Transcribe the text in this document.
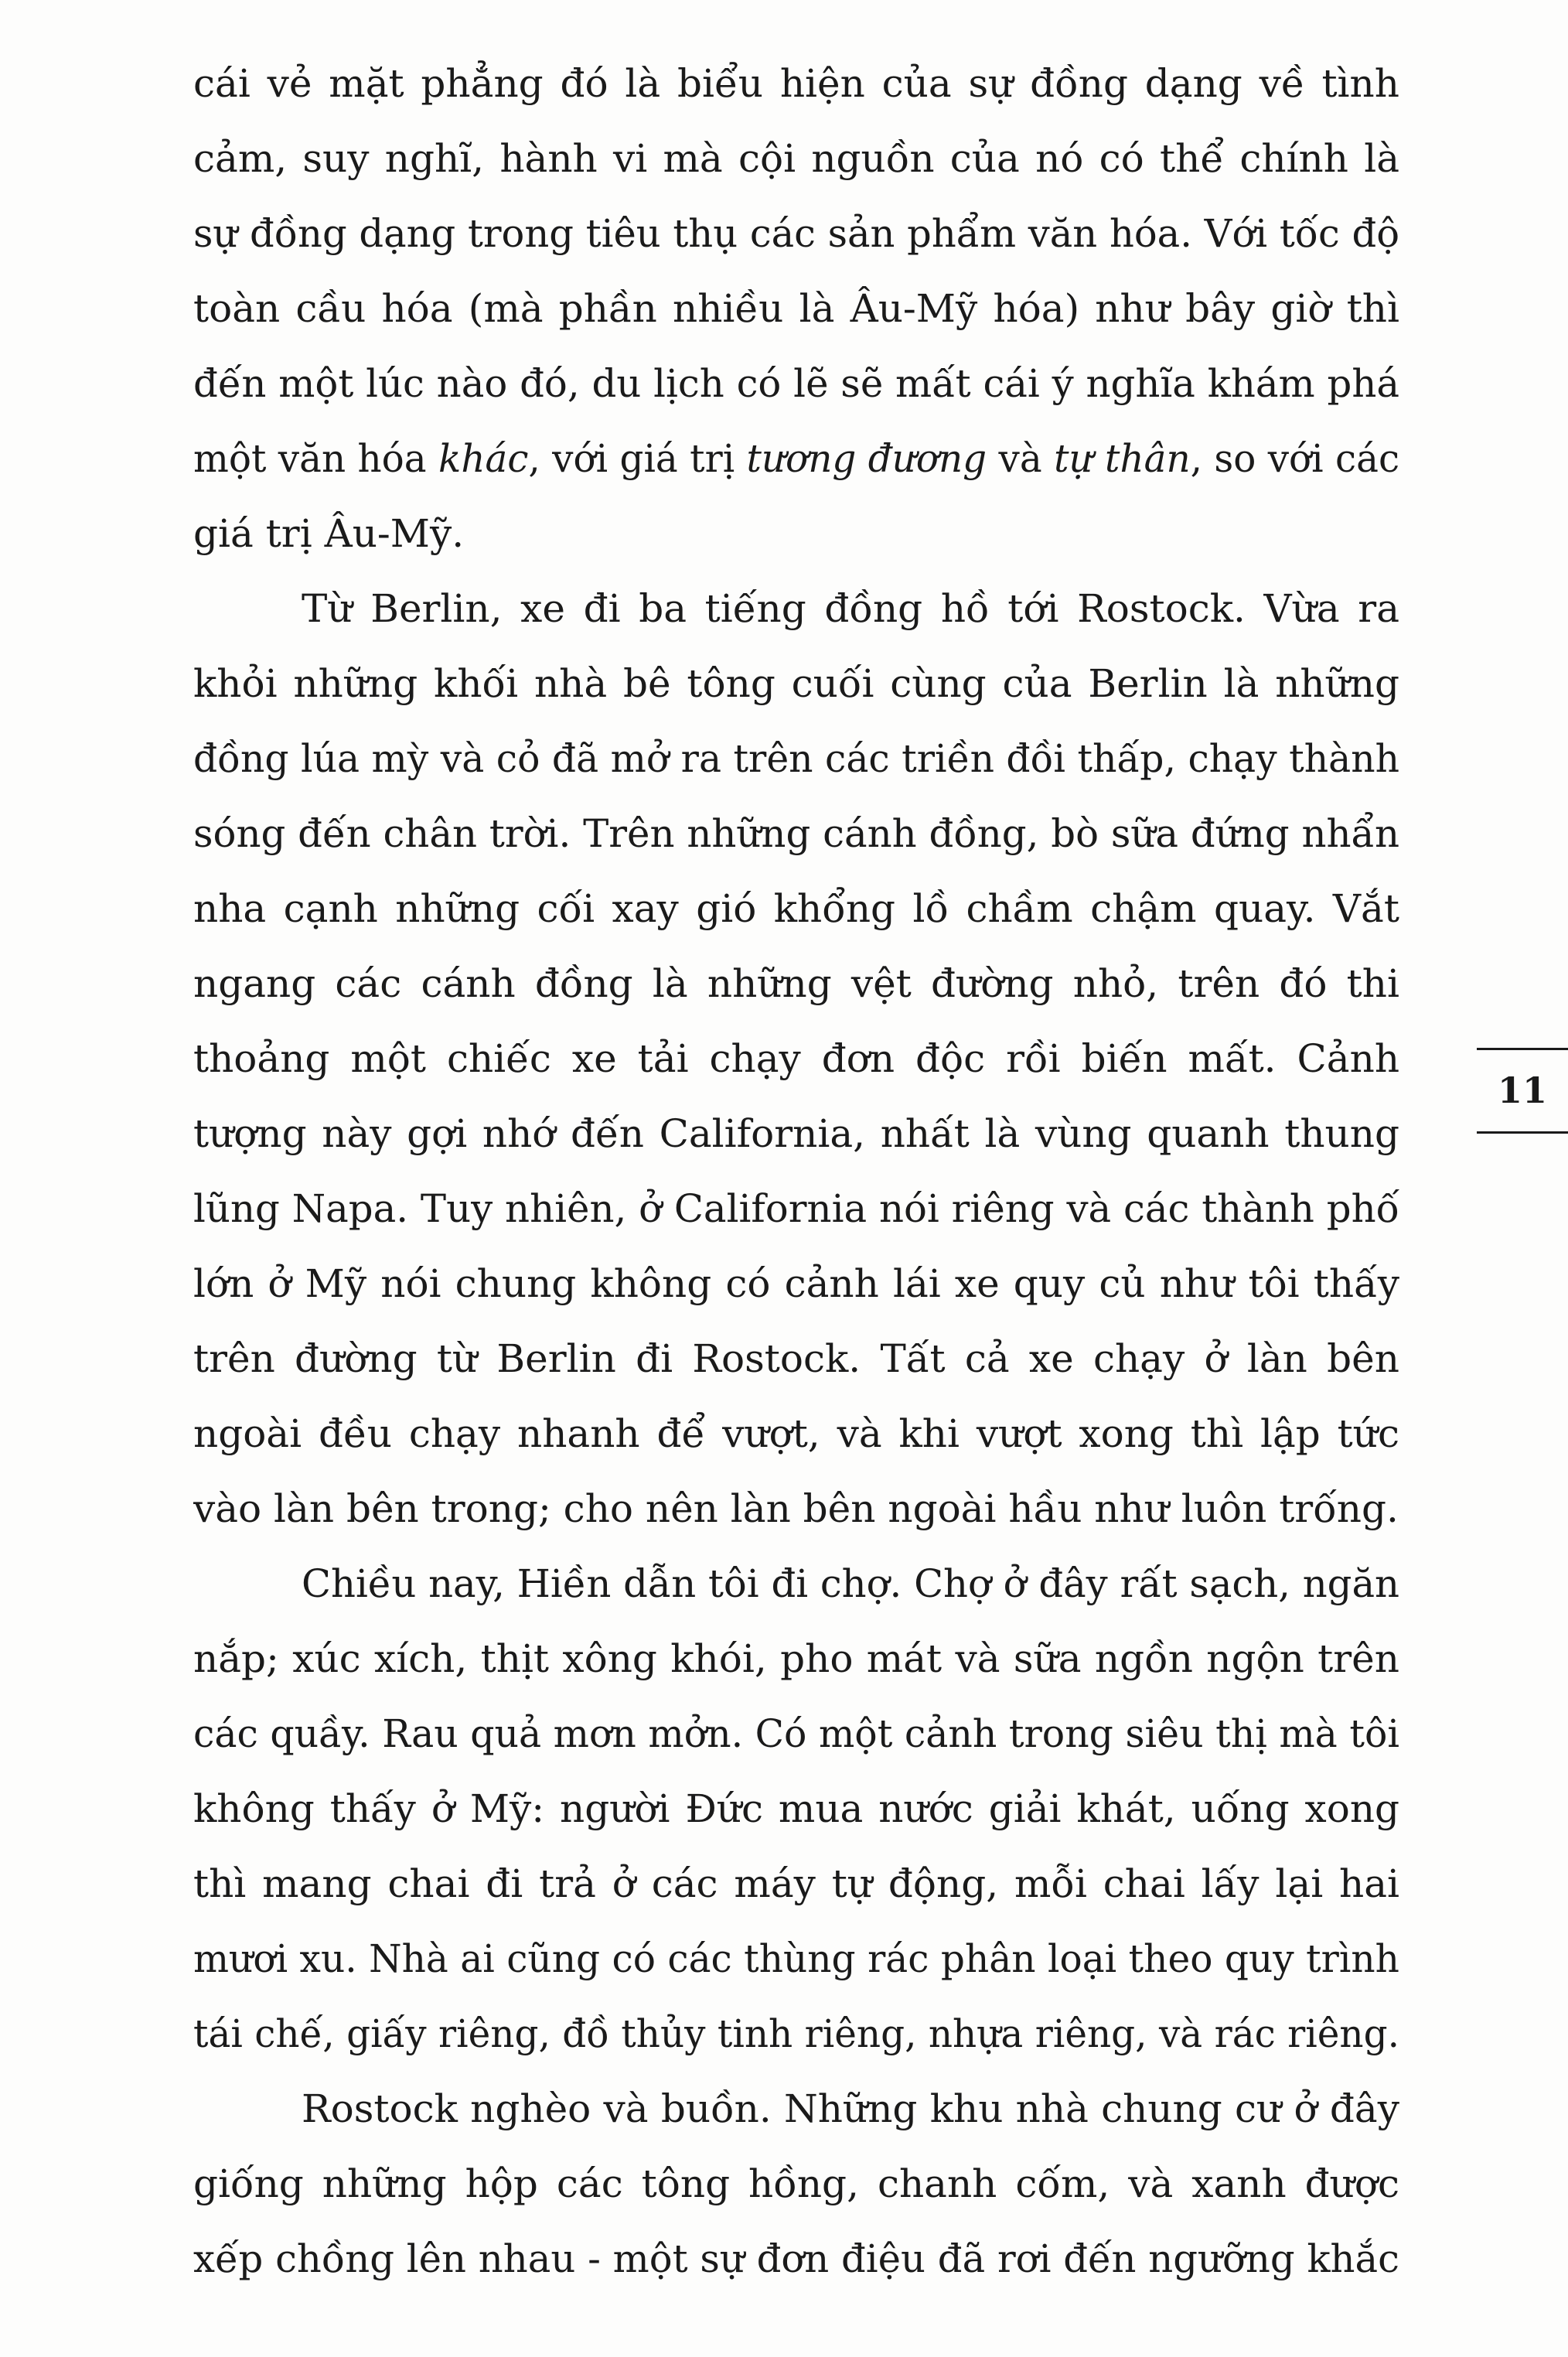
cái vẻ mặt phẳng đó là biểu hiện của sự đồng dạng về tình
cảm, suy nghĩ, hành vi mà cội nguồn của nó có thể chính là
sự đồng dạng trong tiêu thụ các sản phẩm văn hóa. Với tốc độ
toàn cầu hóa (mà phần nhiều là Âu-Mỹ hóa) như bây giờ thì
đến một lúc nào đó, du lịch có lẽ sẽ mất cái ý nghĩa khám phá
một văn hóa khác, với giá trị tương đương và tự thân, so với các
giá trị Âu-Mỹ.
Từ Berlin, xe đi ba tiếng đồng hồ tới Rostock. Vừa ra
khỏi những khối nhà bê tông cuối cùng của Berlin là những
đồng lúa mỳ và cỏ đã mở ra trên các triền đồi thấp, chạy thành
sóng đến chân trời. Trên những cánh đồng, bò sữa đứng nhẩn
nha cạnh những cối xay gió khổng lồ chầm chậm quay. Vắt
ngang các cánh đồng là những vệt đường nhỏ, trên đó thi
thoảng một chiếc xe tải chạy đơn độc rồi biến mất. Cảnh
tượng này gợi nhớ đến California, nhất là vùng quanh thung
lũng Napa. Tuy nhiên, ở California nói riêng và các thành phố
lớn ở Mỹ nói chung không có cảnh lái xe quy củ như tôi thấy
trên đường từ Berlin đi Rostock. Tất cả xe chạy ở làn bên
ngoài đều chạy nhanh để vượt, và khi vượt xong thì lập tức
vào làn bên trong; cho nên làn bên ngoài hầu như luôn trống.
Chiều nay, Hiền dẫn tôi đi chợ. Chợ ở đây rất sạch, ngăn
nắp; xúc xích, thịt xông khói, pho mát và sữa ngồn ngộn trên
các quầy. Rau quả mơn mởn. Có một cảnh trong siêu thị mà tôi
không thấy ở Mỹ: người Đức mua nước giải khát, uống xong
thì mang chai đi trả ở các máy tự động, mỗi chai lấy lại hai
mươi xu. Nhà ai cũng có các thùng rác phân loại theo quy trình
tái chế, giấy riêng, đồ thủy tinh riêng, nhựa riêng, và rác riêng.
Rostock nghèo và buồn. Những khu nhà chung cư ở đây
giống những hộp các tông hồng, chanh cốm, và xanh được
xếp chồng lên nhau - một sự đơn điệu đã rơi đến ngưỡng khắc
11
